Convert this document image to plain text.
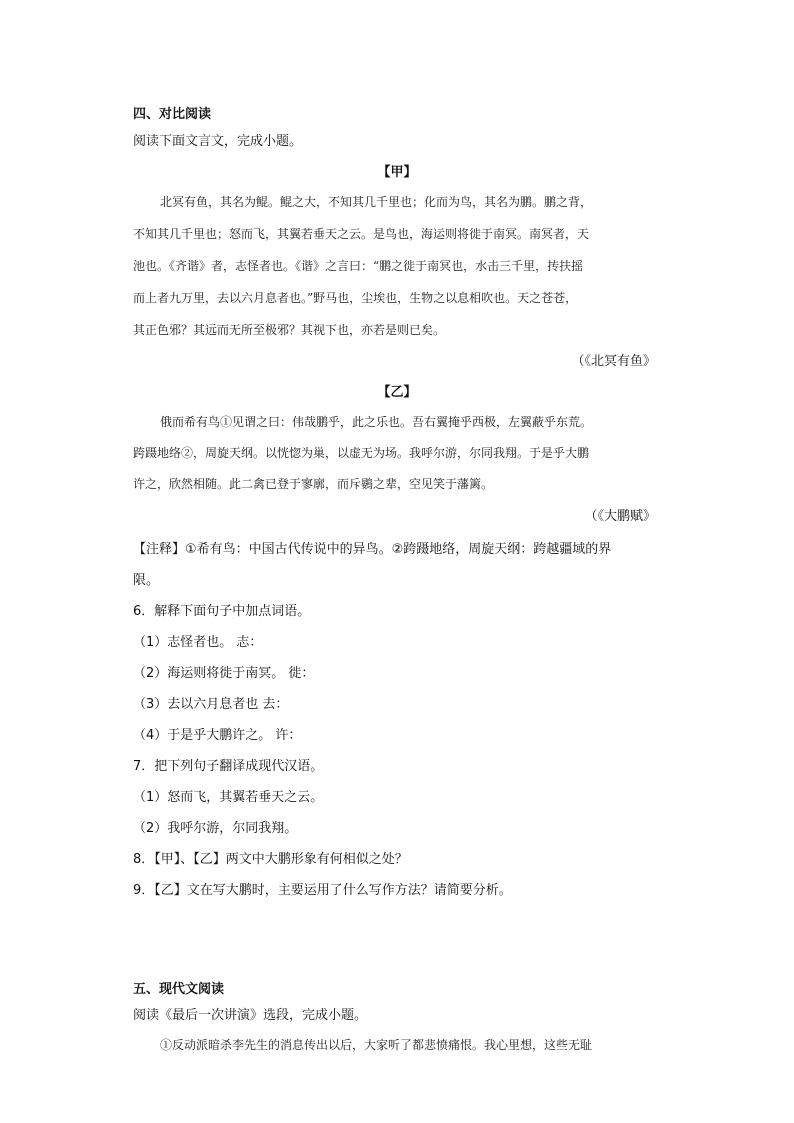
四、对比阅读
阅读下面文言文，完成小题。
【甲】
北冥有鱼，其名为鲲。鲲之大，不知其几千里也；化而为鸟，其名为鹏。鹏之背，
不知其几千里也；怒而飞，其翼若垂天之云。是鸟也，海运则将徙于南冥。南冥者，天
池也。《齐谐》者，志怪者也。《谐》之言曰：“鹏之徙于南冥也，水击三千里，抟扶摇
而上者九万里，去以六月息者也。”野马也，尘埃也，生物之以息相吹也。天之苍苍，
其正色邪？其远而无所至极邪？其视下也，亦若是则已矣。
（《北冥有鱼》
【乙】
俄而希有鸟①见谓之曰：伟哉鹏乎，此之乐也。吾右翼掩乎西极，左翼蔽乎东荒。
跨蹑地络②，周旋天纲。以恍惚为巢，以虚无为场。我呼尔游，尔同我翔。于是乎大鹏
许之，欣然相随。此二禽已登于寥廓，而斥鷃之辈，空见笑于藩篱。
（《大鹏赋》
【注释】①希有鸟：中国古代传说中的异鸟。②跨蹑地络，周旋天纲：跨越疆域的界
限。
6．解释下面句子中加点词语。
（1）志怪者也。 志：
（2）海运则将徙于南冥。 徙：
（3）去以六月息者也 去：
（4）于是乎大鹏许之。 许：
7．把下列句子翻译成现代汉语。
（1）怒而飞，其翼若垂天之云。
（2）我呼尔游，尔同我翔。
8．【甲】、【乙】两文中大鹏形象有何相似之处？
9．【乙】文在写大鹏时，主要运用了什么写作方法？请简要分析。
五、现代文阅读
阅读《最后一次讲演》选段，完成小题。
①反动派暗杀李先生的消息传出以后，大家听了都悲愤痛恨。我心里想，这些无耻
